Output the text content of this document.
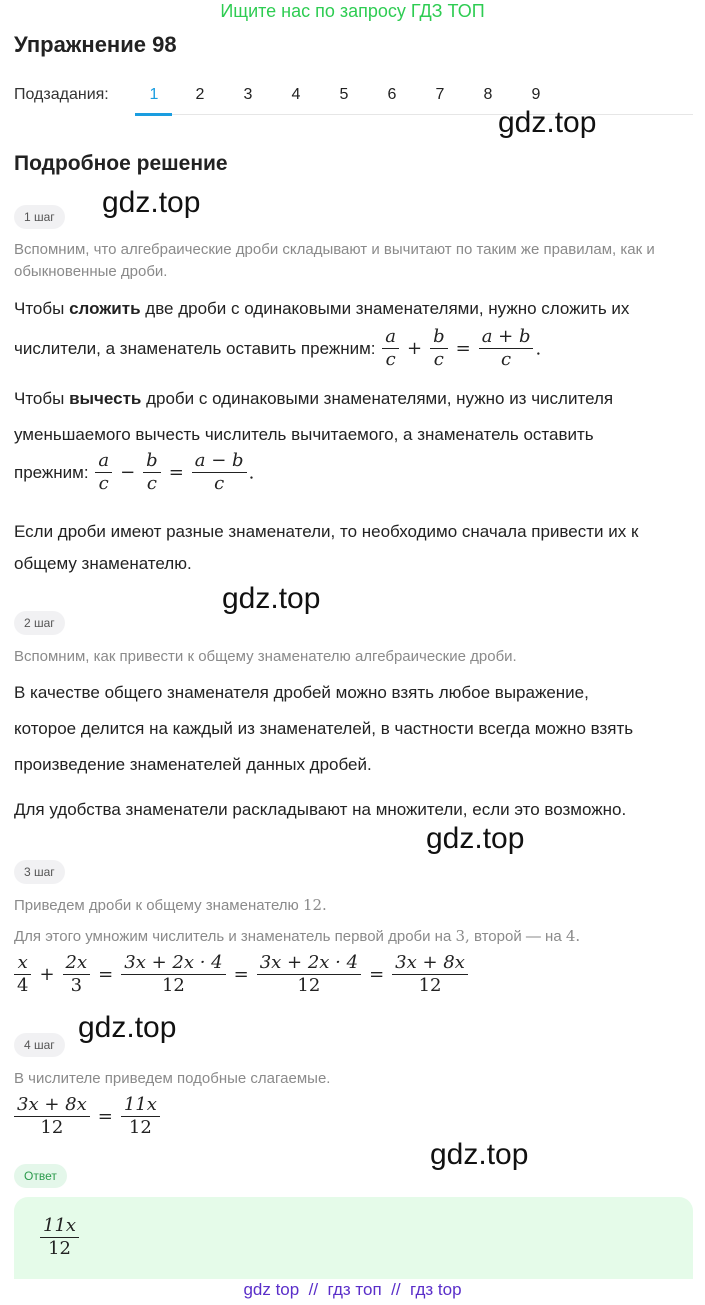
Ищите нас по запросу ГДЗ ТОП
Упражнение 98
Подзадания:	1	2	3	4	5	6	7	8	9
gdz.top
Подробное решение
gdz.top
1 шаг
Вспомним, что алгебраические дроби складывают и вычитают по таким же правилам, как и обыкновенные дроби.
Чтобы сложить две дроби с одинаковыми знаменателями, нужно сложить их
числители, а знаменатель оставить прежним: $\frac{a}{c} + \frac{b}{c} = \frac{a + b}{c}$ .
Чтобы вычесть дроби с одинаковыми знаменателями, нужно из числителя
уменьшаемого вычесть числитель вычитаемого, а знаменатель оставить
прежним: $\frac{a}{c} - \frac{b}{c} = \frac{a - b}{c}$ .
Если дроби имеют разные знаменатели, то необходимо сначала привести их к общему знаменателю.
gdz.top
2 шаг
Вспомним, как привести к общему знаменателю алгебраические дроби.
В качестве общего знаменателя дробей можно взять любое выражение,
которое делится на каждый из знаменателей, в частности всегда можно взять
произведение знаменателей данных дробей.
Для удобства знаменатели раскладывают на множители, если это возможно.
gdz.top
3 шаг
Приведем дроби к общему знаменателю 12.
Для этого умножим числитель и знаменатель первой дроби на 3, второй — на 4.
$\frac{x}{4} + \frac{2x}{3} = \frac{3x + 2x \cdot 4}{12} = \frac{3x + 2x \cdot 4}{12} = \frac{3x + 8x}{12}$
gdz.top
4 шаг
В числителе приведем подобные слагаемые.
$\frac{3x + 8x}{12} = \frac{11x}{12}$
gdz.top
Ответ
$\frac{11x}{12}$
gdz top  //  гдз топ  //  гдз top
